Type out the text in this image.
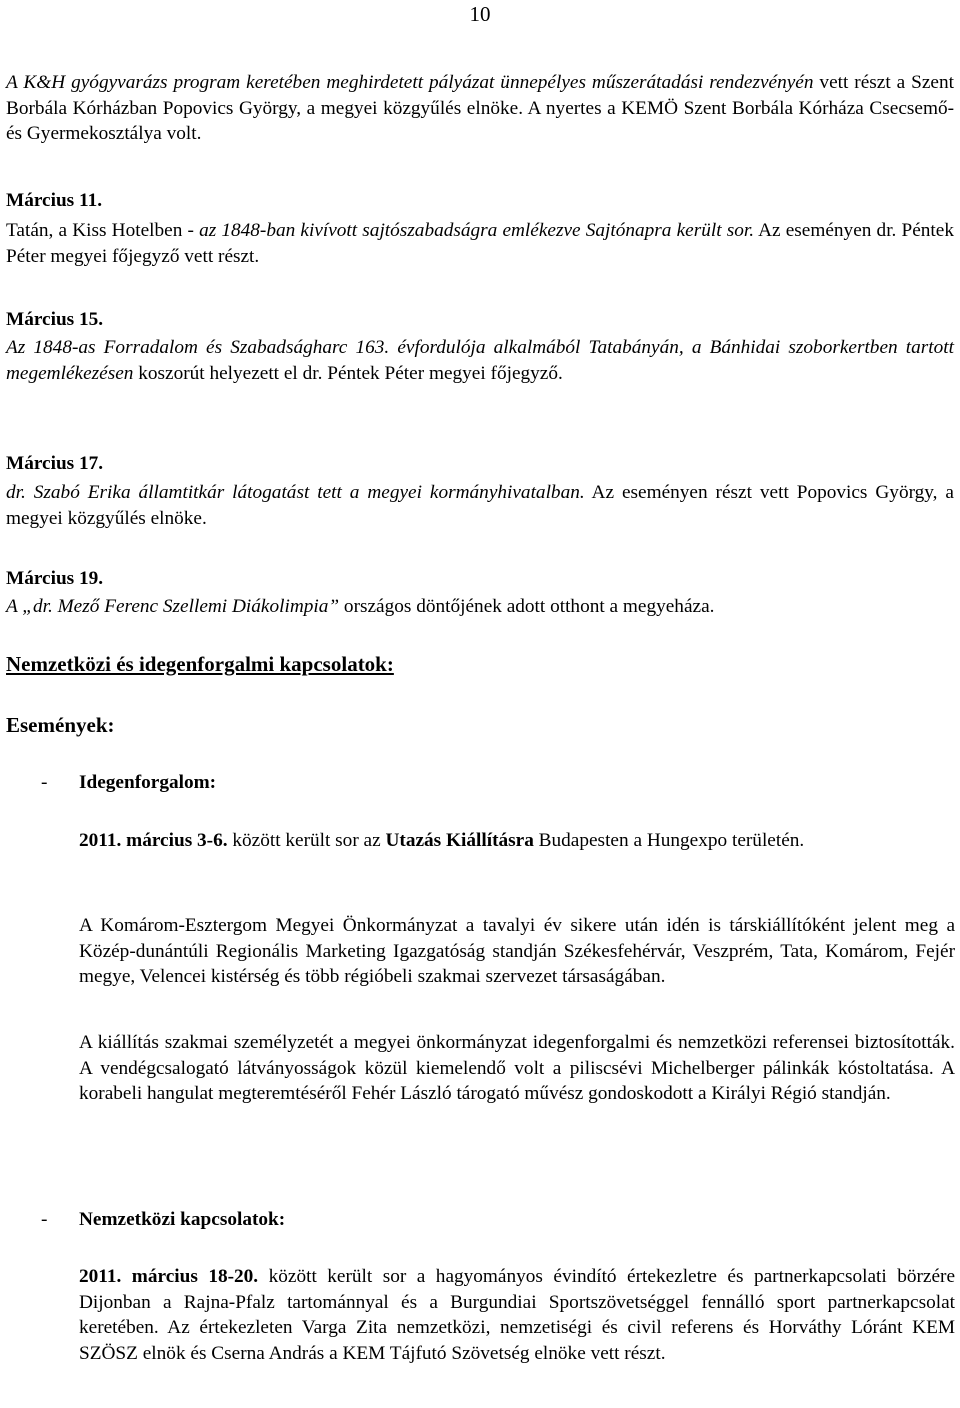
10
A K&H gyógyvarázs program keretében meghirdetett pályázat ünnepélyes műszerátadási rendezvényén vett részt a Szent Borbála Kórházban Popovics György, a megyei közgyűlés elnöke. A nyertes a KEMÖ Szent Borbála Kórháza Csecsemő- és Gyermekosztálya volt.
Március 11.
Tatán, a Kiss Hotelben - az 1848-ban kivívott sajtószabadságra emlékezve Sajtónapra került sor. Az eseményen dr. Péntek Péter megyei főjegyző vett részt.
Március 15.
Az 1848-as Forradalom és Szabadságharc 163. évfordulója alkalmából Tatabányán, a Bánhidai szoborkertben tartott megemlékezésen koszorút helyezett el dr. Péntek Péter megyei főjegyző.
Március 17.
dr. Szabó Erika államtitkár látogatást tett a megyei kormányhivatalban. Az eseményen részt vett Popovics György, a megyei közgyűlés elnöke.
Március 19.
A „dr. Mező Ferenc Szellemi Diákolimpia” országos döntőjének adott otthont a megyeháza.
Nemzetközi és idegenforgalmi kapcsolatok:
Események:
- Idegenforgalom:
2011. március 3-6. között került sor az Utazás Kiállításra Budapesten a Hungexpo területén.
A Komárom-Esztergom Megyei Önkormányzat a tavalyi év sikere után idén is társkiállítóként jelent meg a Közép-dunántúli Regionális Marketing Igazgatóság standján Székesfehérvár, Veszprém, Tata, Komárom, Fejér megye, Velencei kistérség és több régióbeli szakmai szervezet társaságában.
A kiállítás szakmai személyzetét a megyei önkormányzat idegenforgalmi és nemzetközi referensei biztosították. A vendégcsalogató látványosságok közül kiemelendő volt a piliscsévi Michelberger pálinkák kóstoltatása. A korabeli hangulat megteremtéséről Fehér László tárogató művész gondoskodott a Királyi Régió standján.
- Nemzetközi kapcsolatok:
2011. március 18-20. között került sor a hagyományos évindító értekezletre és partnerkapcsolati börzére Dijonban a Rajna-Pfalz tartománnyal és a Burgundiai Sportszövetséggel fennálló sport partnerkapcsolat keretében. Az értekezleten Varga Zita nemzetközi, nemzetiségi és civil referens és Horváthy Lóránt KEM SZÖSZ elnök és Cserna András a KEM Tájfutó Szövetség elnöke vett részt.
